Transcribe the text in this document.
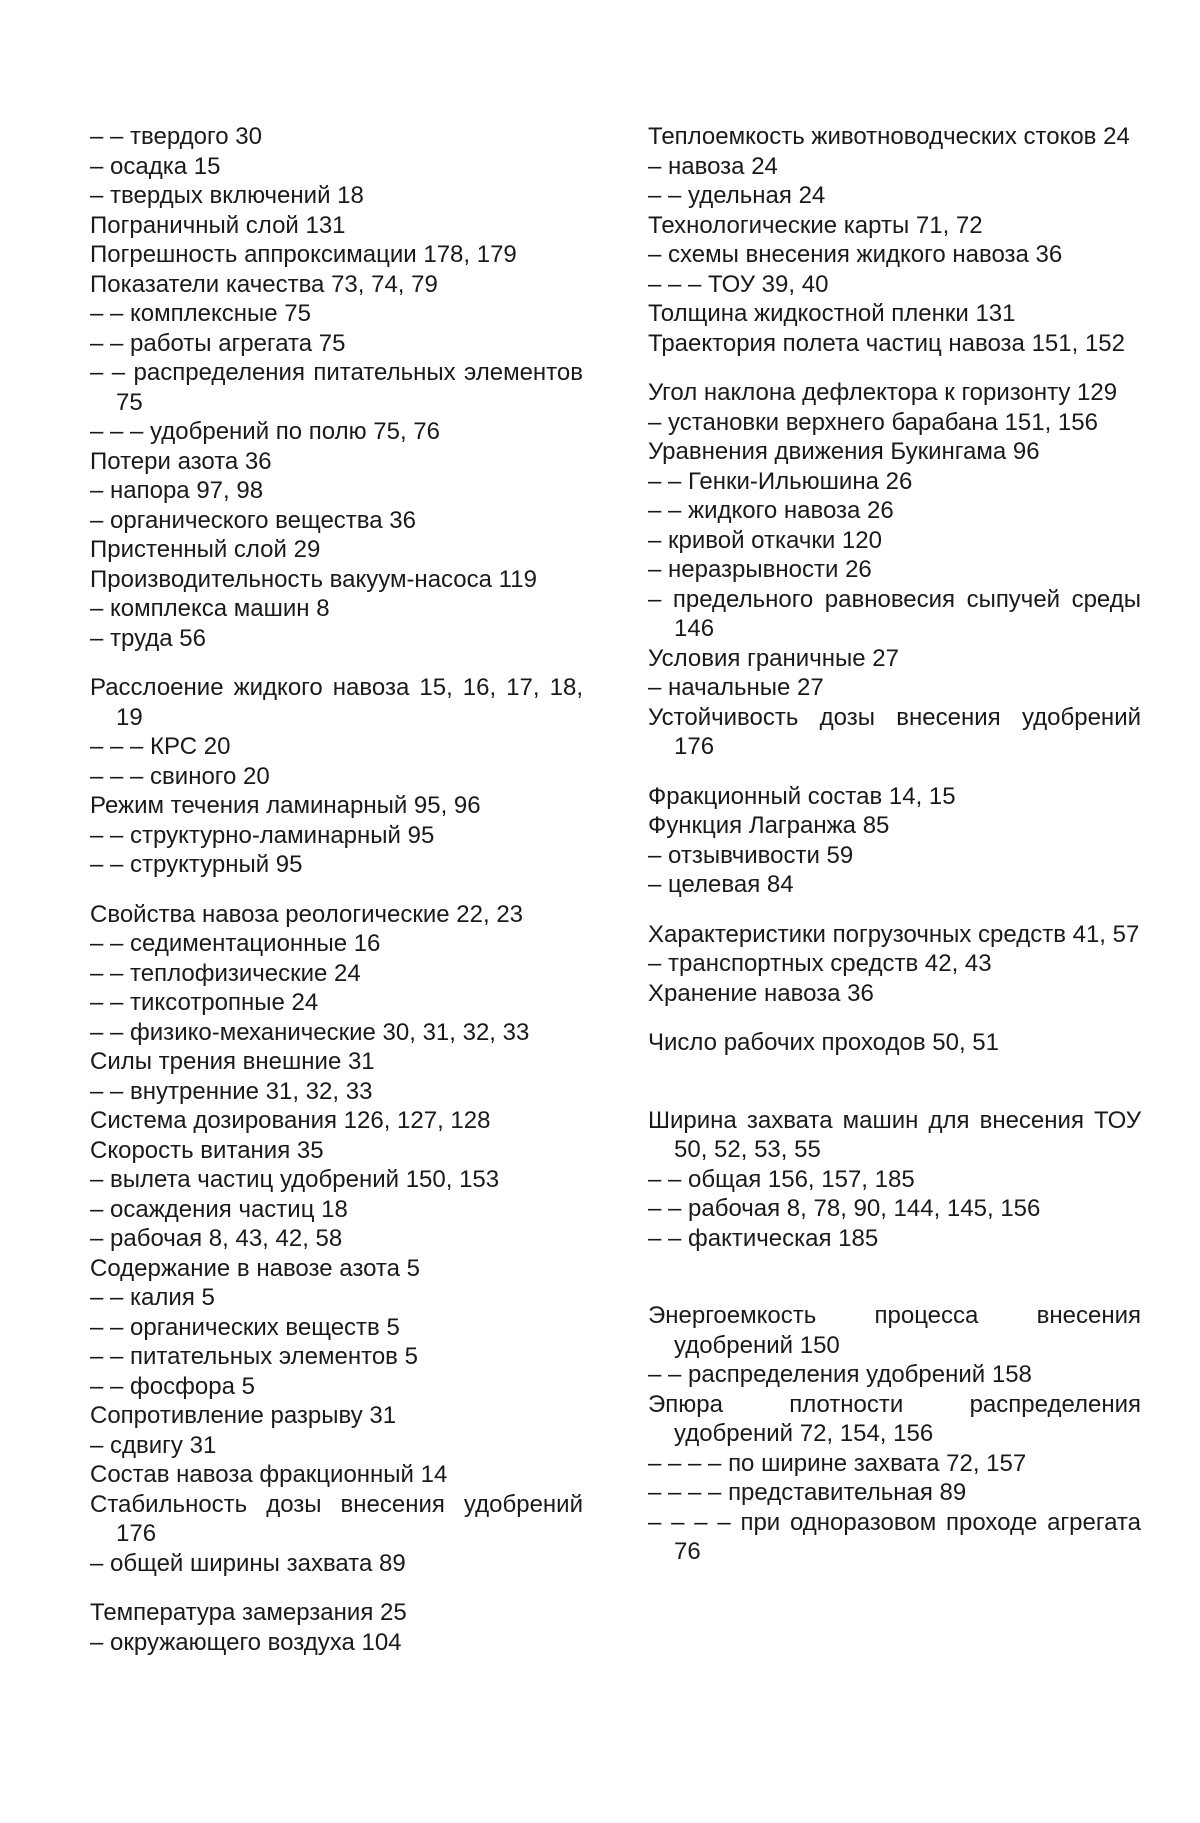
– – твердого 30

– осадка 15

– твердых включений 18

Пограничный слой 131

Погрешность аппроксимации 178, 179

Показатели качества 73, 74, 79

– – комплексные 75

– – работы агрегата 75

– – распределения питательных элементов 75

– – – удобрений по полю 75, 76

Потери азота 36

– напора 97, 98

– органического вещества 36

Пристенный слой 29

Производительность вакуум-насоса 119

– комплекса машин 8

– труда 56

Расслоение жидкого навоза 15, 16, 17, 18, 19

– – – КРС 20

– – – свиного 20

Режим течения ламинарный 95, 96

– – структурно-ламинарный 95

– – структурный 95

Свойства навоза реологические 22, 23

– – седиментационные 16

– – теплофизические 24

– – тиксотропные 24

– – физико-механические 30, 31, 32, 33

Силы трения внешние 31

– – внутренние 31, 32, 33

Система дозирования 126, 127, 128

Скорость витания 35

– вылета частиц удобрений 150, 153

– осаждения частиц 18

– рабочая 8, 43, 42, 58

Содержание в навозе азота 5

– – калия 5

– – органических веществ 5

– – питательных элементов 5

– – фосфора 5

Сопротивление разрыву 31

– сдвигу 31

Состав навоза фракционный 14

Стабильность дозы внесения удобрений 176

– общей ширины захвата 89

Температура замерзания 25

– окружающего воздуха 104

Теплоемкость животноводческих стоков 24

– навоза 24

– – удельная 24

Технологические карты 71, 72

– схемы внесения жидкого навоза 36

– – – ТОУ 39, 40

Толщина жидкостной пленки 131

Траектория полета частиц навоза 151, 152

Угол наклона дефлектора к горизонту 129

– установки верхнего барабана 151, 156

Уравнения движения Букингама 96

– – Генки-Ильюшина 26

– – жидкого навоза 26

– кривой откачки 120

– неразрывности 26

– предельного равновесия сыпучей среды 146

Условия граничные 27

– начальные 27

Устойчивость дозы внесения удобрений 176

Фракционный состав 14, 15

Функция Лагранжа 85

– отзывчивости 59

– целевая 84

Характеристики погрузочных средств 41, 57

– транспортных средств 42, 43

Хранение навоза 36

Число рабочих проходов 50, 51

Ширина захвата машин для внесения ТОУ 50, 52, 53, 55

– – общая 156, 157, 185

– – рабочая 8, 78, 90, 144, 145, 156

– – фактическая 185

Энергоемкость процесса внесения удобрений 150

– – распределения удобрений 158

Эпюра плотности распределения удобрений 72, 154, 156

– – – – по ширине захвата 72, 157

– – – – представительная 89

– – – – при одноразовом проходе агрегата 76
